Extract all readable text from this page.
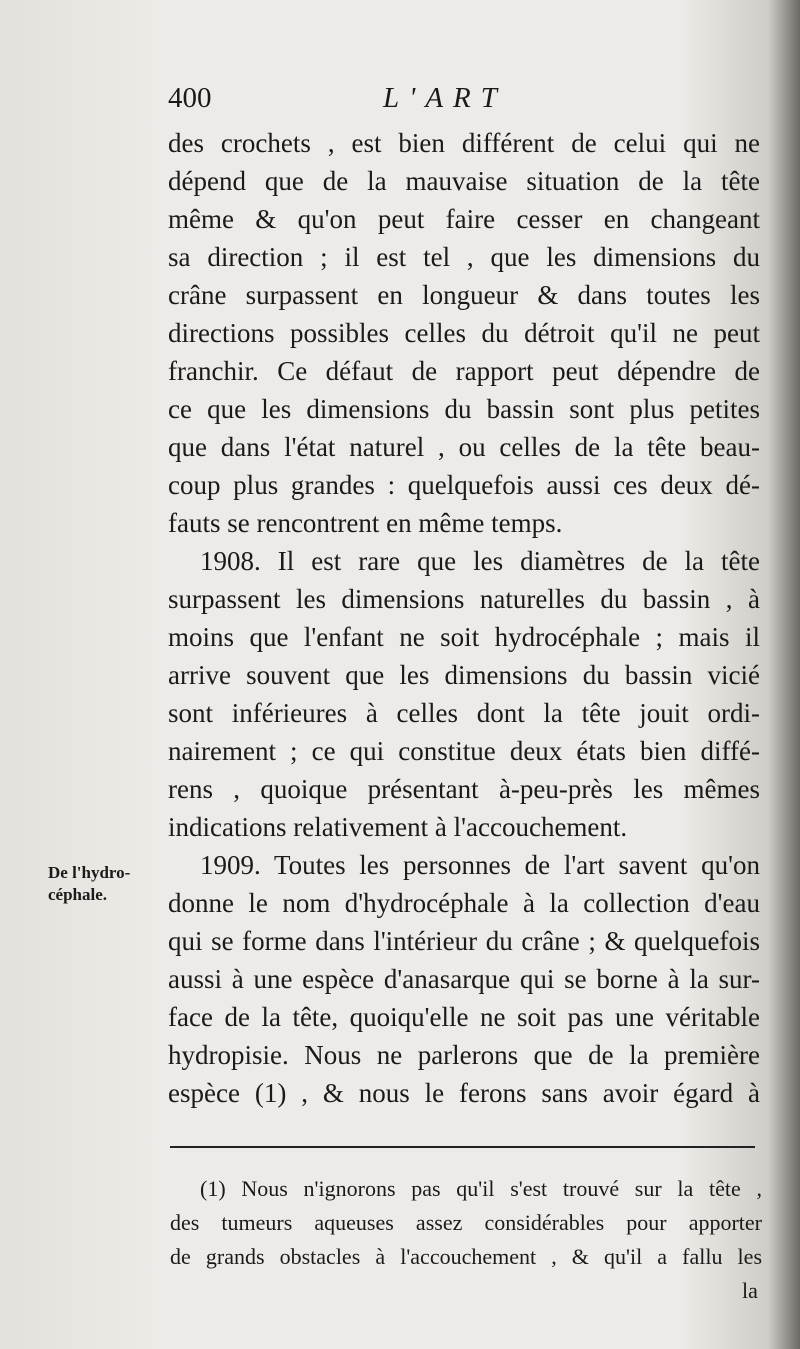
400	L'ART
des crochets , est bien différent de celui qui ne
dépend que de la mauvaise situation de la tête
même & qu'on peut faire cesser en changeant
sa direction ; il est tel , que les dimensions du
crâne surpassent en longueur & dans toutes les
directions possibles celles du détroit qu'il ne peut
franchir. Ce défaut de rapport peut dépendre de
ce que les dimensions du bassin sont plus petites
que dans l'état naturel , ou celles de la tête beau-
coup plus grandes : quelquefois aussi ces deux dé-
fauts se rencontrent en même temps.
1908. Il est rare que les diamètres de la tête
surpassent les dimensions naturelles du bassin , à
moins que l'enfant ne soit hydrocéphale ; mais il
arrive souvent que les dimensions du bassin vicié
sont inférieures à celles dont la tête jouit ordi-
nairement ; ce qui constitue deux états bien diffé-
rens , quoique présentant à-peu-près les mêmes
indications relativement à l'accouchement.
1909. Toutes les personnes de l'art savent qu'on
donne le nom d'hydrocéphale à la collection d'eau
qui se forme dans l'intérieur du crâne ; & quelquefois
aussi à une espèce d'anasarque qui se borne à la sur-
face de la tête, quoiqu'elle ne soit pas une véritable
hydropisie. Nous ne parlerons que de la première
espèce (1) , & nous le ferons sans avoir égard à
De l'hydro-céphale.
(1) Nous n'ignorons pas qu'il s'est trouvé sur la tête ,
des tumeurs aqueuses assez considérables pour apporter
de grands obstacles à l'accouchement , & qu'il a fallu les
la
